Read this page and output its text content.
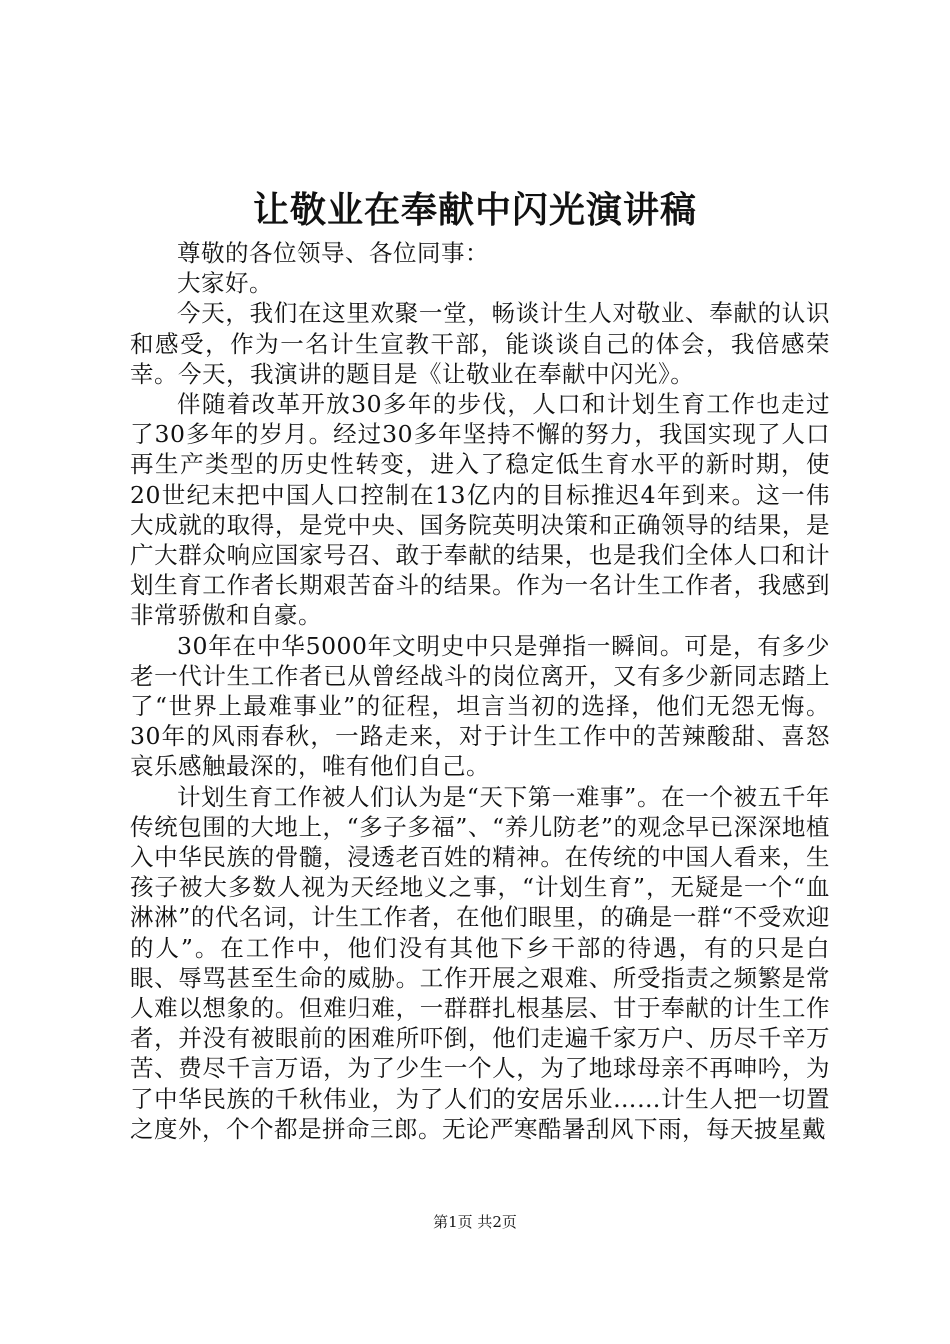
让敬业在奉献中闪光演讲稿

尊敬的各位领导、各位同事：

大家好。

今天，我们在这里欢聚一堂，畅谈计生人对敬业、奉献的认识和感受，作为一名计生宣教干部，能谈谈自己的体会，我倍感荣幸。今天，我演讲的题目是《让敬业在奉献中闪光》。

伴随着改革开放30多年的步伐，人口和计划生育工作也走过了30多年的岁月。经过30多年坚持不懈的努力，我国实现了人口再生产类型的历史性转变，进入了稳定低生育水平的新时期，使20世纪末把中国人口控制在13亿内的目标推迟4年到来。这一伟大成就的取得，是党中央、国务院英明决策和正确领导的结果，是广大群众响应国家号召、敢于奉献的结果，也是我们全体人口和计划生育工作者长期艰苦奋斗的结果。作为一名计生工作者，我感到非常骄傲和自豪。

30年在中华5000年文明史中只是弹指一瞬间。可是，有多少老一代计生工作者已从曾经战斗的岗位离开，又有多少新同志踏上了“世界上最难事业”的征程，坦言当初的选择，他们无怨无悔。30年的风雨春秋，一路走来，对于计生工作中的苦辣酸甜、喜怒哀乐感触最深的，唯有他们自己。

计划生育工作被人们认为是“天下第一难事”。在一个被五千年传统包围的大地上，“多子多福”、“养儿防老”的观念早已深深地植入中华民族的骨髓，浸透老百姓的精神。在传统的中国人看来，生孩子被大多数人视为天经地义之事，“计划生育”，无疑是一个“血淋淋”的代名词，计生工作者，在他们眼里，的确是一群“不受欢迎的人”。在工作中，他们没有其他下乡干部的待遇，有的只是白眼、辱骂甚至生命的威胁。工作开展之艰难、所受指责之频繁是常人难以想象的。但难归难，一群群扎根基层、甘于奉献的计生工作者，并没有被眼前的困难所吓倒，他们走遍千家万户、历尽千辛万苦、费尽千言万语，为了少生一个人，为了地球母亲不再呻吟，为了中华民族的千秋伟业，为了人们的安居乐业……计生人把一切置之度外，个个都是拼命三郎。无论严寒酷暑刮风下雨，每天披星戴

第1页 共2页
